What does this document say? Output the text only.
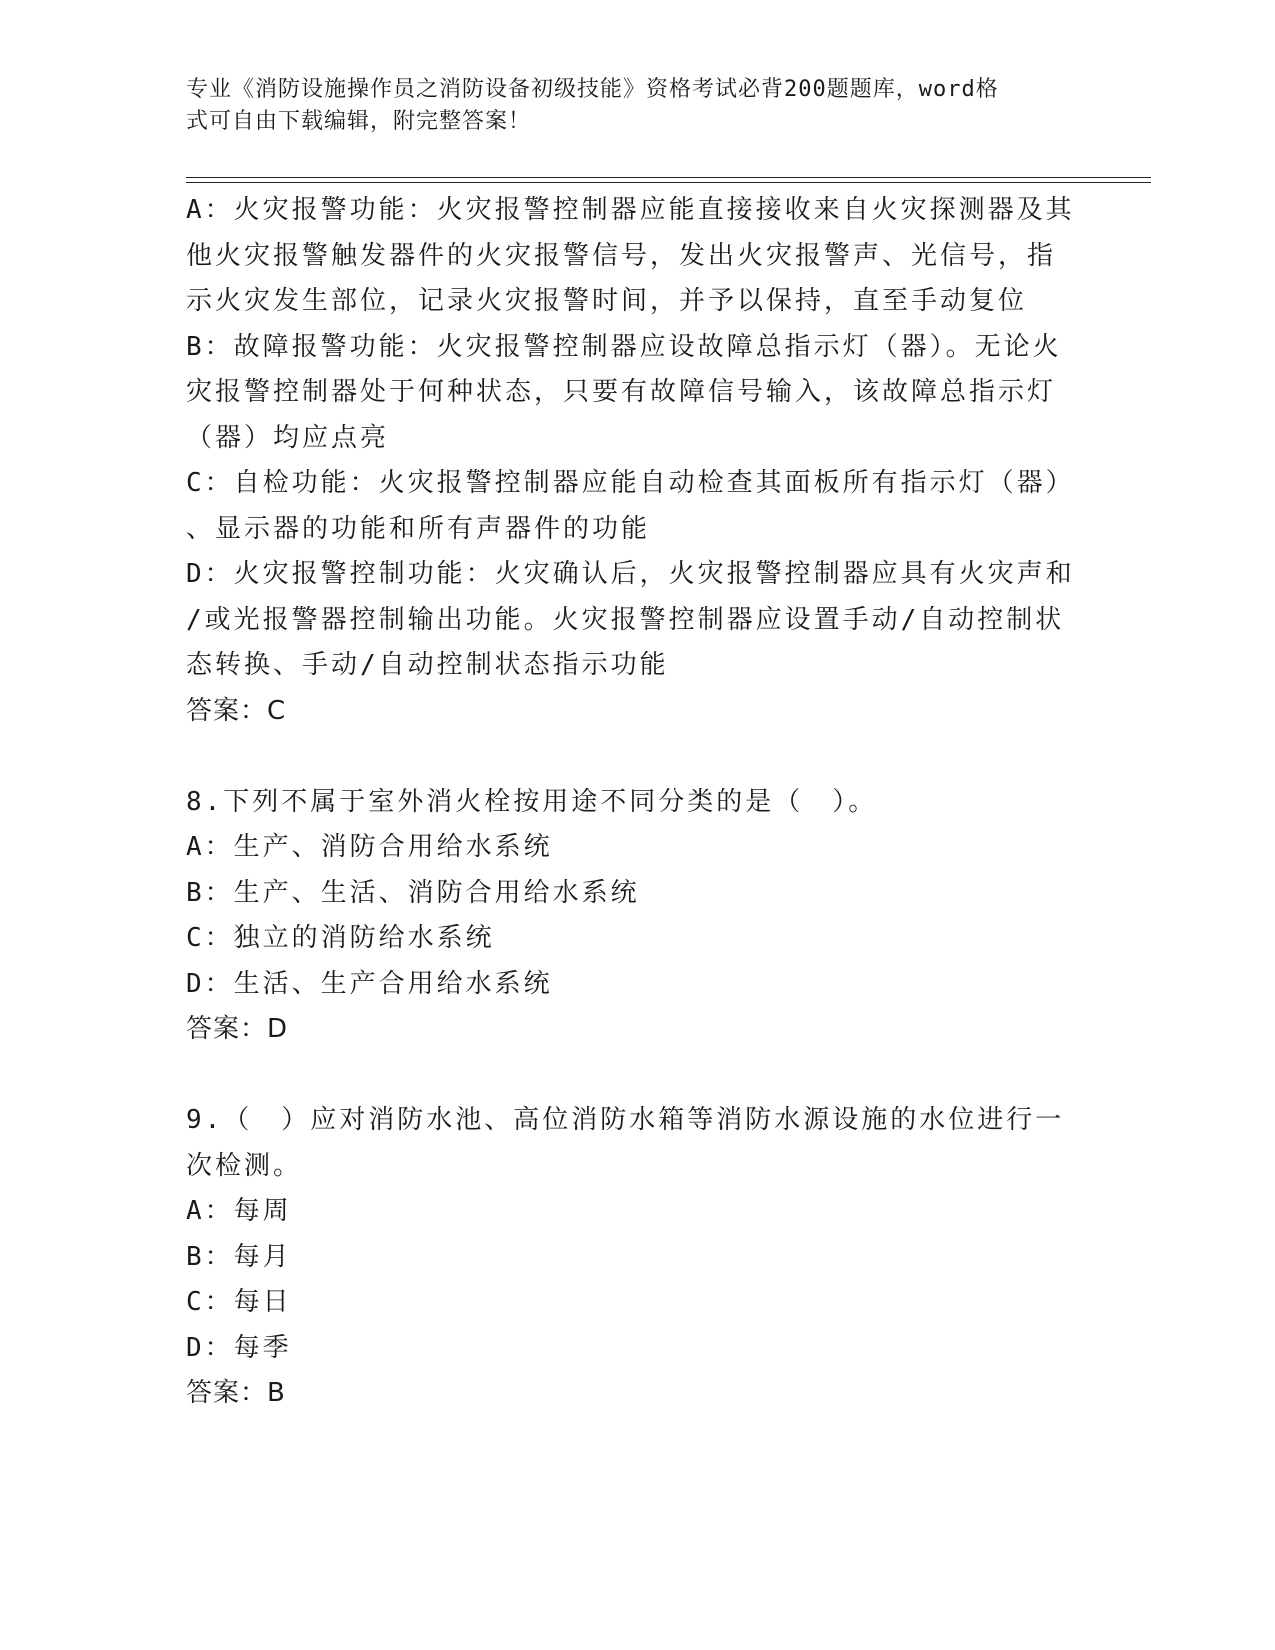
专业《消防设施操作员之消防设备初级技能》资格考试必背200题题库，word格
式可自由下载编辑，附完整答案！
A：火灾报警功能：火灾报警控制器应能直接接收来自火灾探测器及其
他火灾报警触发器件的火灾报警信号，发出火灾报警声、光信号，指
示火灾发生部位，记录火灾报警时间，并予以保持，直至手动复位
B：故障报警功能：火灾报警控制器应设故障总指示灯（器）。无论火
灾报警控制器处于何种状态，只要有故障信号输入，该故障总指示灯
（器）均应点亮
C：自检功能：火灾报警控制器应能自动检查其面板所有指示灯（器）
、显示器的功能和所有声器件的功能
D：火灾报警控制功能：火灾确认后，火灾报警控制器应具有火灾声和
/或光报警器控制输出功能。火灾报警控制器应设置手动/自动控制状
态转换、手动/自动控制状态指示功能
答案：C
8.下列不属于室外消火栓按用途不同分类的是（　）。
A：生产、消防合用给水系统
B：生产、生活、消防合用给水系统
C：独立的消防给水系统
D：生活、生产合用给水系统
答案：D
9.（　）应对消防水池、高位消防水箱等消防水源设施的水位进行一
次检测。
A：每周
B：每月
C：每日
D：每季
答案：B
